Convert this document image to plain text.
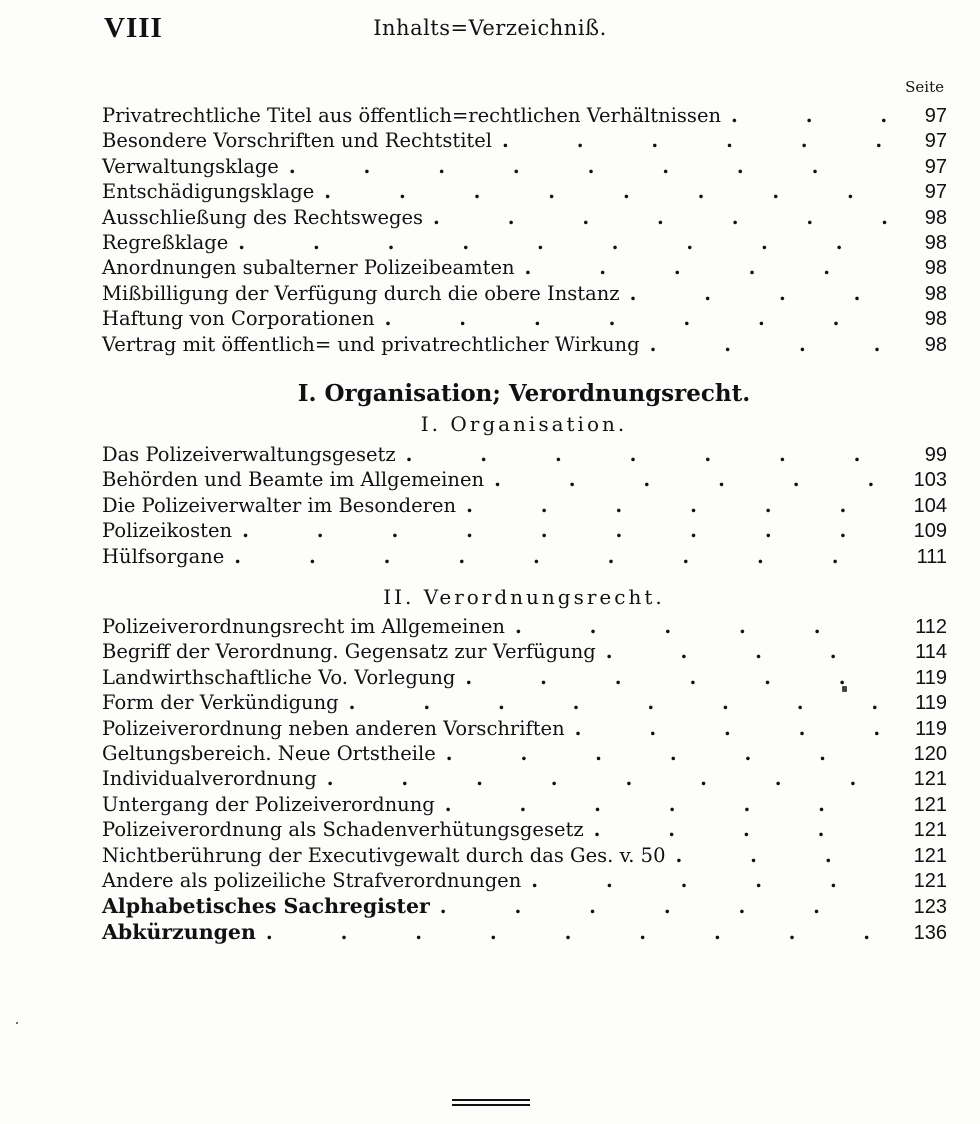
VIII	Inhalts=Verzeichniß.
Seite
Privatrechtliche Titel aus öffentlich=rechtlichen Verhältnissen .	97
Besondere Vorschriften und Rechtstitel .	97
Verwaltungsklage .	97
Entschädigungsklage .	97
Ausschließung des Rechtsweges .	98
Regreßklage .	98
Anordnungen subalterner Polizeibeamten .	98
Mißbilligung der Verfügung durch die obere Instanz .	98
Haftung von Corporationen .	98
Vertrag mit öffentlich= und privatrechtlicher Wirkung .	98
I. Organisation; Verordnungsrecht.
I. Organisation.
Das Polizeiverwaltungsgesetz .	99
Behörden und Beamte im Allgemeinen .	103
Die Polizeiverwalter im Besonderen .	104
Polizeikosten .	109
Hülfsorgane .	111
II. Verordnungsrecht.
Polizeiverordnungsrecht im Allgemeinen .	112
Begriff der Verordnung. Gegensatz zur Verfügung .	114
Landwirthschaftliche Vo. Vorlegung .	119
Form der Verkündigung .	119
Polizeiverordnung neben anderen Vorschriften .	119
Geltungsbereich. Neue Ortstheile .	120
Individualverordnung .	121
Untergang der Polizeiverordnung .	121
Polizeiverordnung als Schadenverhütungsgesetz .	121
Nichtberührung der Executivgewalt durch das Ges. v. 50 .	121
Andere als polizeiliche Strafverordnungen .	121
Alphabetisches Sachregister .	123
Abkürzungen .	136
